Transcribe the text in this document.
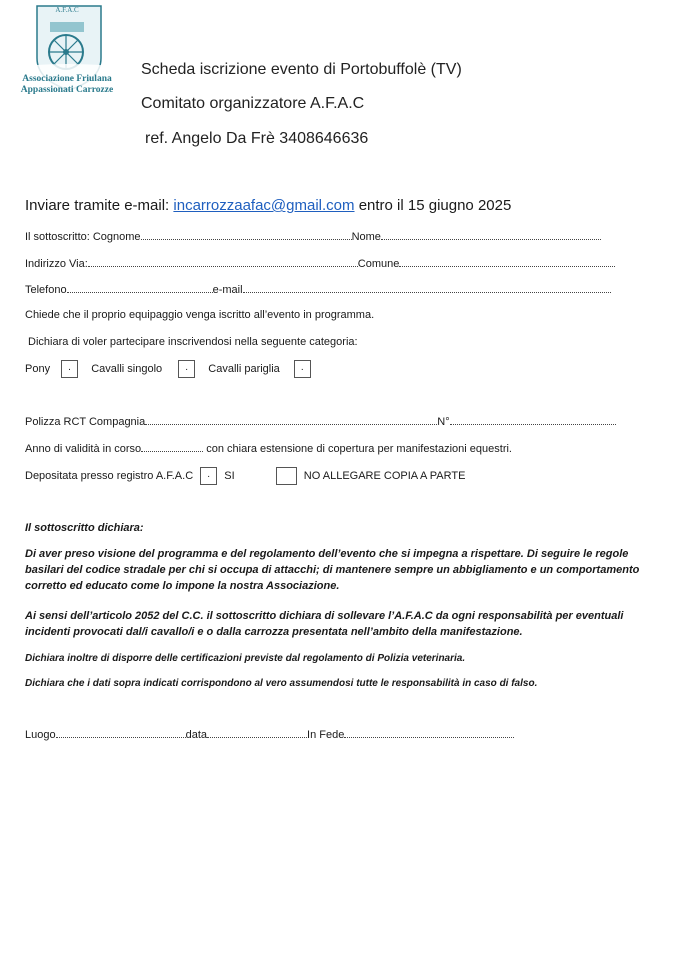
A.F.A.C
Associazione Friulana
Appassionati Carrozze
Scheda iscrizione evento di Portobuffolè (TV)
Comitato organizzatore A.F.A.C
ref. Angelo Da Frè 3408646636
Inviare tramite e-mail: incarrozzaafac@gmail.com entro il 15 giugno 2025
Il sottoscritto: Cognome	Nome
Indirizzo Via:	Comune
Telefono	e-mail
Chiede che il proprio equipaggio venga iscritto all’evento in programma.
Dichiara di voler partecipare inscrivendosi nella seguente categoria:
Pony .	Cavalli singolo .	Cavalli pariglia .
Polizza RCT Compagnia	N°
Anno di validità in corso	con chiara estensione di copertura per manifestazioni equestri.
Depositata presso registro A.F.A.C .	SI	NO ALLEGARE COPIA A PARTE
Il sottoscritto dichiara:
Di aver preso visione del programma e del regolamento dell’evento che si impegna a rispettare. Di seguire le regole basilari del codice stradale per chi si occupa di attacchi; di mantenere sempre un abbigliamento e un comportamento corretto ed educato come lo impone la nostra Associazione.
Ai sensi dell’articolo 2052 del C.C. il sottoscritto dichiara di sollevare l’A.F.A.C da ogni responsabilità per eventuali incidenti provocati dal/i cavallo/i e o dalla carrozza presentata nell’ambito della manifestazione.
Dichiara inoltre di disporre delle certificazioni previste dal regolamento di Polizia veterinaria.
Dichiara che i dati sopra indicati corrispondono al vero assumendosi tutte le responsabilità in caso di falso.
Luogo	data	In Fede
